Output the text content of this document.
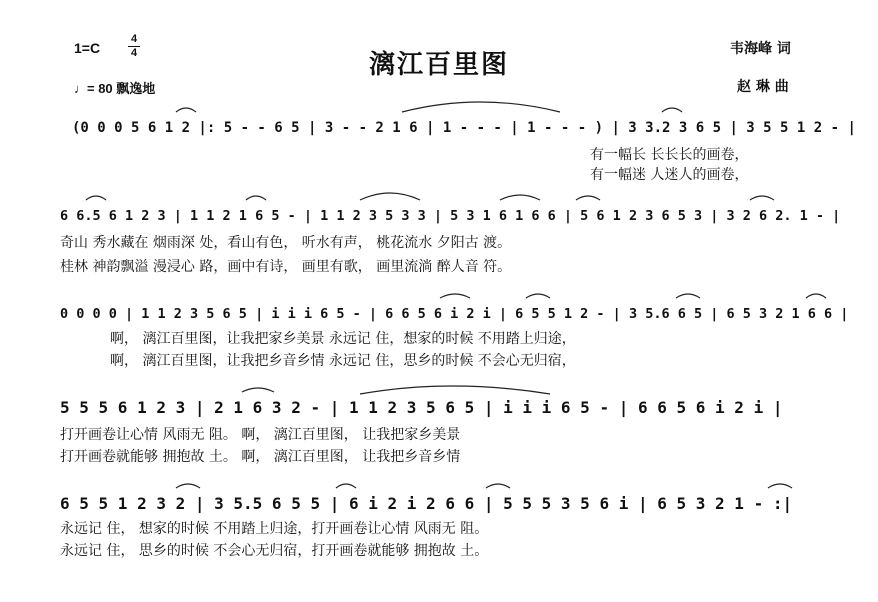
漓江百里图
1=C
4
4
♩= 80 飘逸地
韦海峰 词
赵 琳 曲
(0 0 0 5 6 1 2 |: 5 - - 6 5 | 3 - - 2 1 6 | 1 - - - | 1 - - - ) | 3 3.2 3 6 5 | 3 5 5 1 2 - |
有一幅长 长长长的画卷，
有一幅迷 人迷人的画卷，
6 6.5 6 1 2 3 | 1 1 2 1 6 5 - | 1 1 2 3 5 3 3 | 5 3 1 6 1 6 6 | 5 6 1 2 3 6 5 3 | 3 2 6 2. 1 - |
奇山 秀水藏在 烟雨深 处，看山有色， 听水有声， 桃花流水 夕阳古 渡。
桂林 神韵飘溢 漫浸心 路，画中有诗， 画里有歌， 画里流淌 醉人音 符。
0 0 0 0 | 1 1 2 3 5 6 5 | i i i 6 5 - | 6 6 5 6 i 2 i | 6 5 5 1 2 - | 3 5.6 6 5 | 6 5 3 2 1 6 6 |
啊， 漓江百里图，让我把家乡美景 永远记 住，想家的时候 不用踏上归途，
啊， 漓江百里图，让我把乡音乡情 永远记 住，思乡的时候 不会心无归宿，
5 5 5 6 1 2 3 | 2 1 6 3 2 - | 1 1 2 3 5 6 5 | i i i 6 5 - | 6 6 5 6 i 2 i |
打开画卷让心情 风雨无 阻。 啊， 漓江百里图， 让我把家乡美景
打开画卷就能够 拥抱故 土。 啊， 漓江百里图， 让我把乡音乡情
6 5 5 1 2 3 2 | 3 5.5 6 5 5 | 6 i 2 i 2 6 6 | 5 5 5 3 5 6 i | 6 5 3 2 1 - :|
永远记 住， 想家的时候 不用踏上归途，打开画卷让心情 风雨无 阻。
永远记 住， 思乡的时候 不会心无归宿，打开画卷就能够 拥抱故 土。
